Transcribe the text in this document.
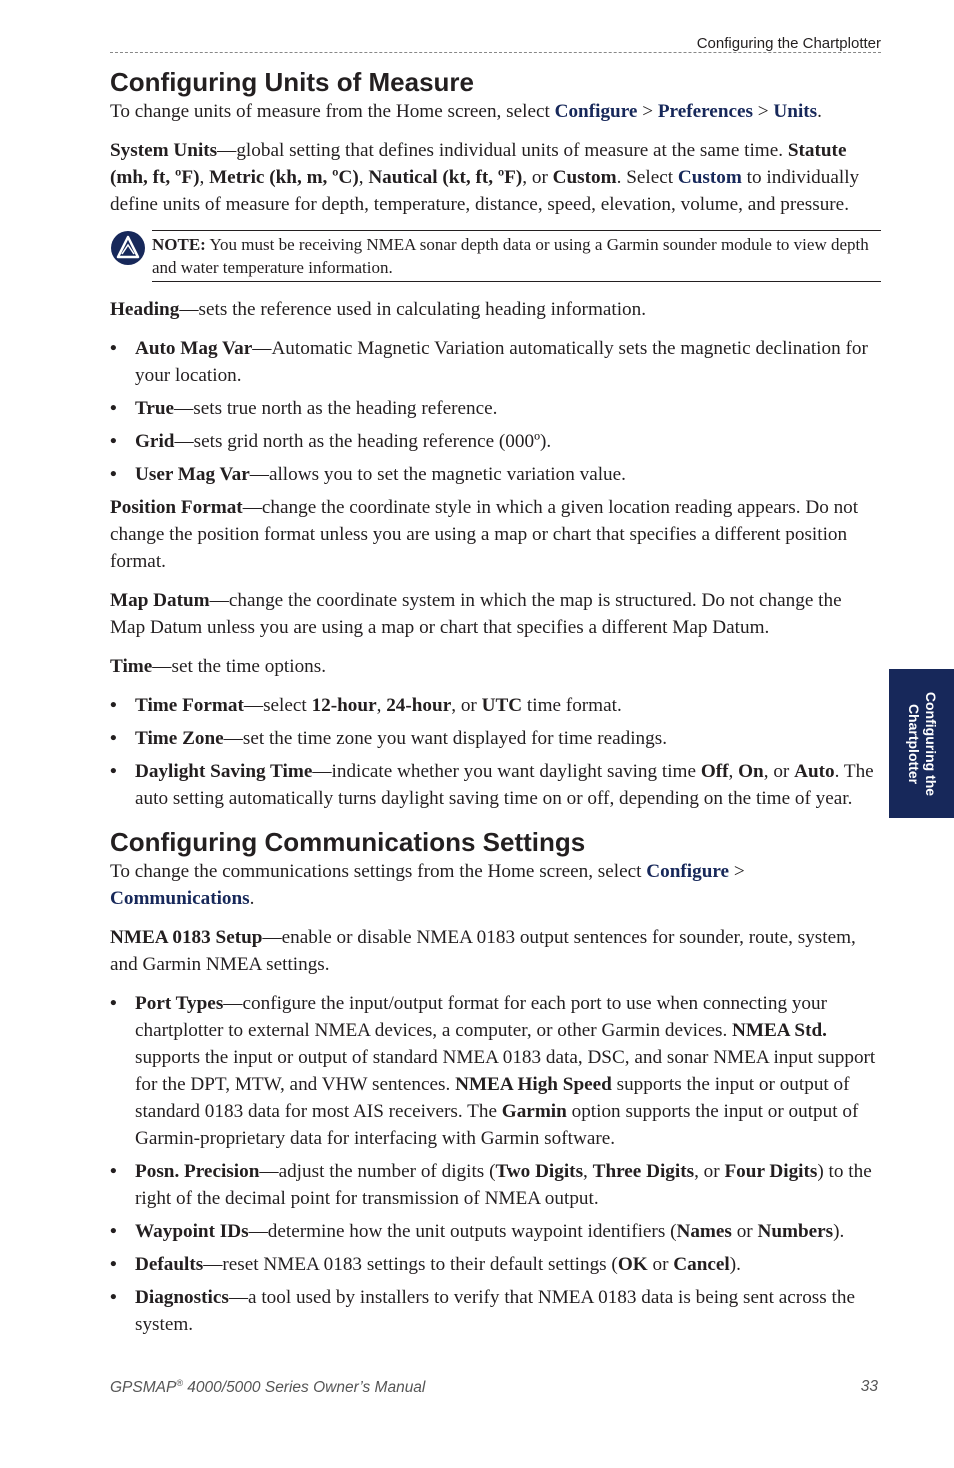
Configuring the Chartplotter
Configuring the
Chartplotter
Configuring Units of Measure

To change units of measure from the Home screen, select Configure > Preferences > Units.

System Units—global setting that defines individual units of measure at the same time. Statute (mh, ft, ºF), Metric (kh, m, ºC), Nautical (kt, ft, ºF), or Custom. Select Custom to individually define units of measure for depth, temperature, distance, speed, elevation, volume, and pressure.

NOTE: You must be receiving NMEA sonar depth data or using a Garmin sounder module to view depth and water temperature information.

Heading—sets the reference used in calculating heading information.

• Auto Mag Var—Automatic Magnetic Variation automatically sets the magnetic declination for your location.
• True—sets true north as the heading reference.
• Grid—sets grid north as the heading reference (000º).
• User Mag Var—allows you to set the magnetic variation value.

Position Format—change the coordinate style in which a given location reading appears. Do not change the position format unless you are using a map or chart that specifies a different position format.

Map Datum—change the coordinate system in which the map is structured. Do not change the Map Datum unless you are using a map or chart that specifies a different Map Datum.

Time—set the time options.

• Time Format—select 12-hour, 24-hour, or UTC time format.
• Time Zone—set the time zone you want displayed for time readings.
• Daylight Saving Time—indicate whether you want daylight saving time Off, On, or Auto. The auto setting automatically turns daylight saving time on or off, depending on the time of year.
Configuring Communications Settings

To change the communications settings from the Home screen, select Configure > Communications.

NMEA 0183 Setup—enable or disable NMEA 0183 output sentences for sounder, route, system, and Garmin NMEA settings.

• Port Types—configure the input/output format for each port to use when connecting your chartplotter to external NMEA devices, a computer, or other Garmin devices. NMEA Std. supports the input or output of standard NMEA 0183 data, DSC, and sonar NMEA input support for the DPT, MTW, and VHW sentences. NMEA High Speed supports the input or output of standard 0183 data for most AIS receivers. The Garmin option supports the input or output of Garmin-proprietary data for interfacing with Garmin software.
• Posn. Precision—adjust the number of digits (Two Digits, Three Digits, or Four Digits) to the right of the decimal point for transmission of NMEA output.
• Waypoint IDs—determine how the unit outputs waypoint identifiers (Names or Numbers).
• Defaults—reset NMEA 0183 settings to their default settings (OK or Cancel).
• Diagnostics—a tool used by installers to verify that NMEA 0183 data is being sent across the system.
GPSMAP® 4000/5000 Series Owner’s Manual	33
